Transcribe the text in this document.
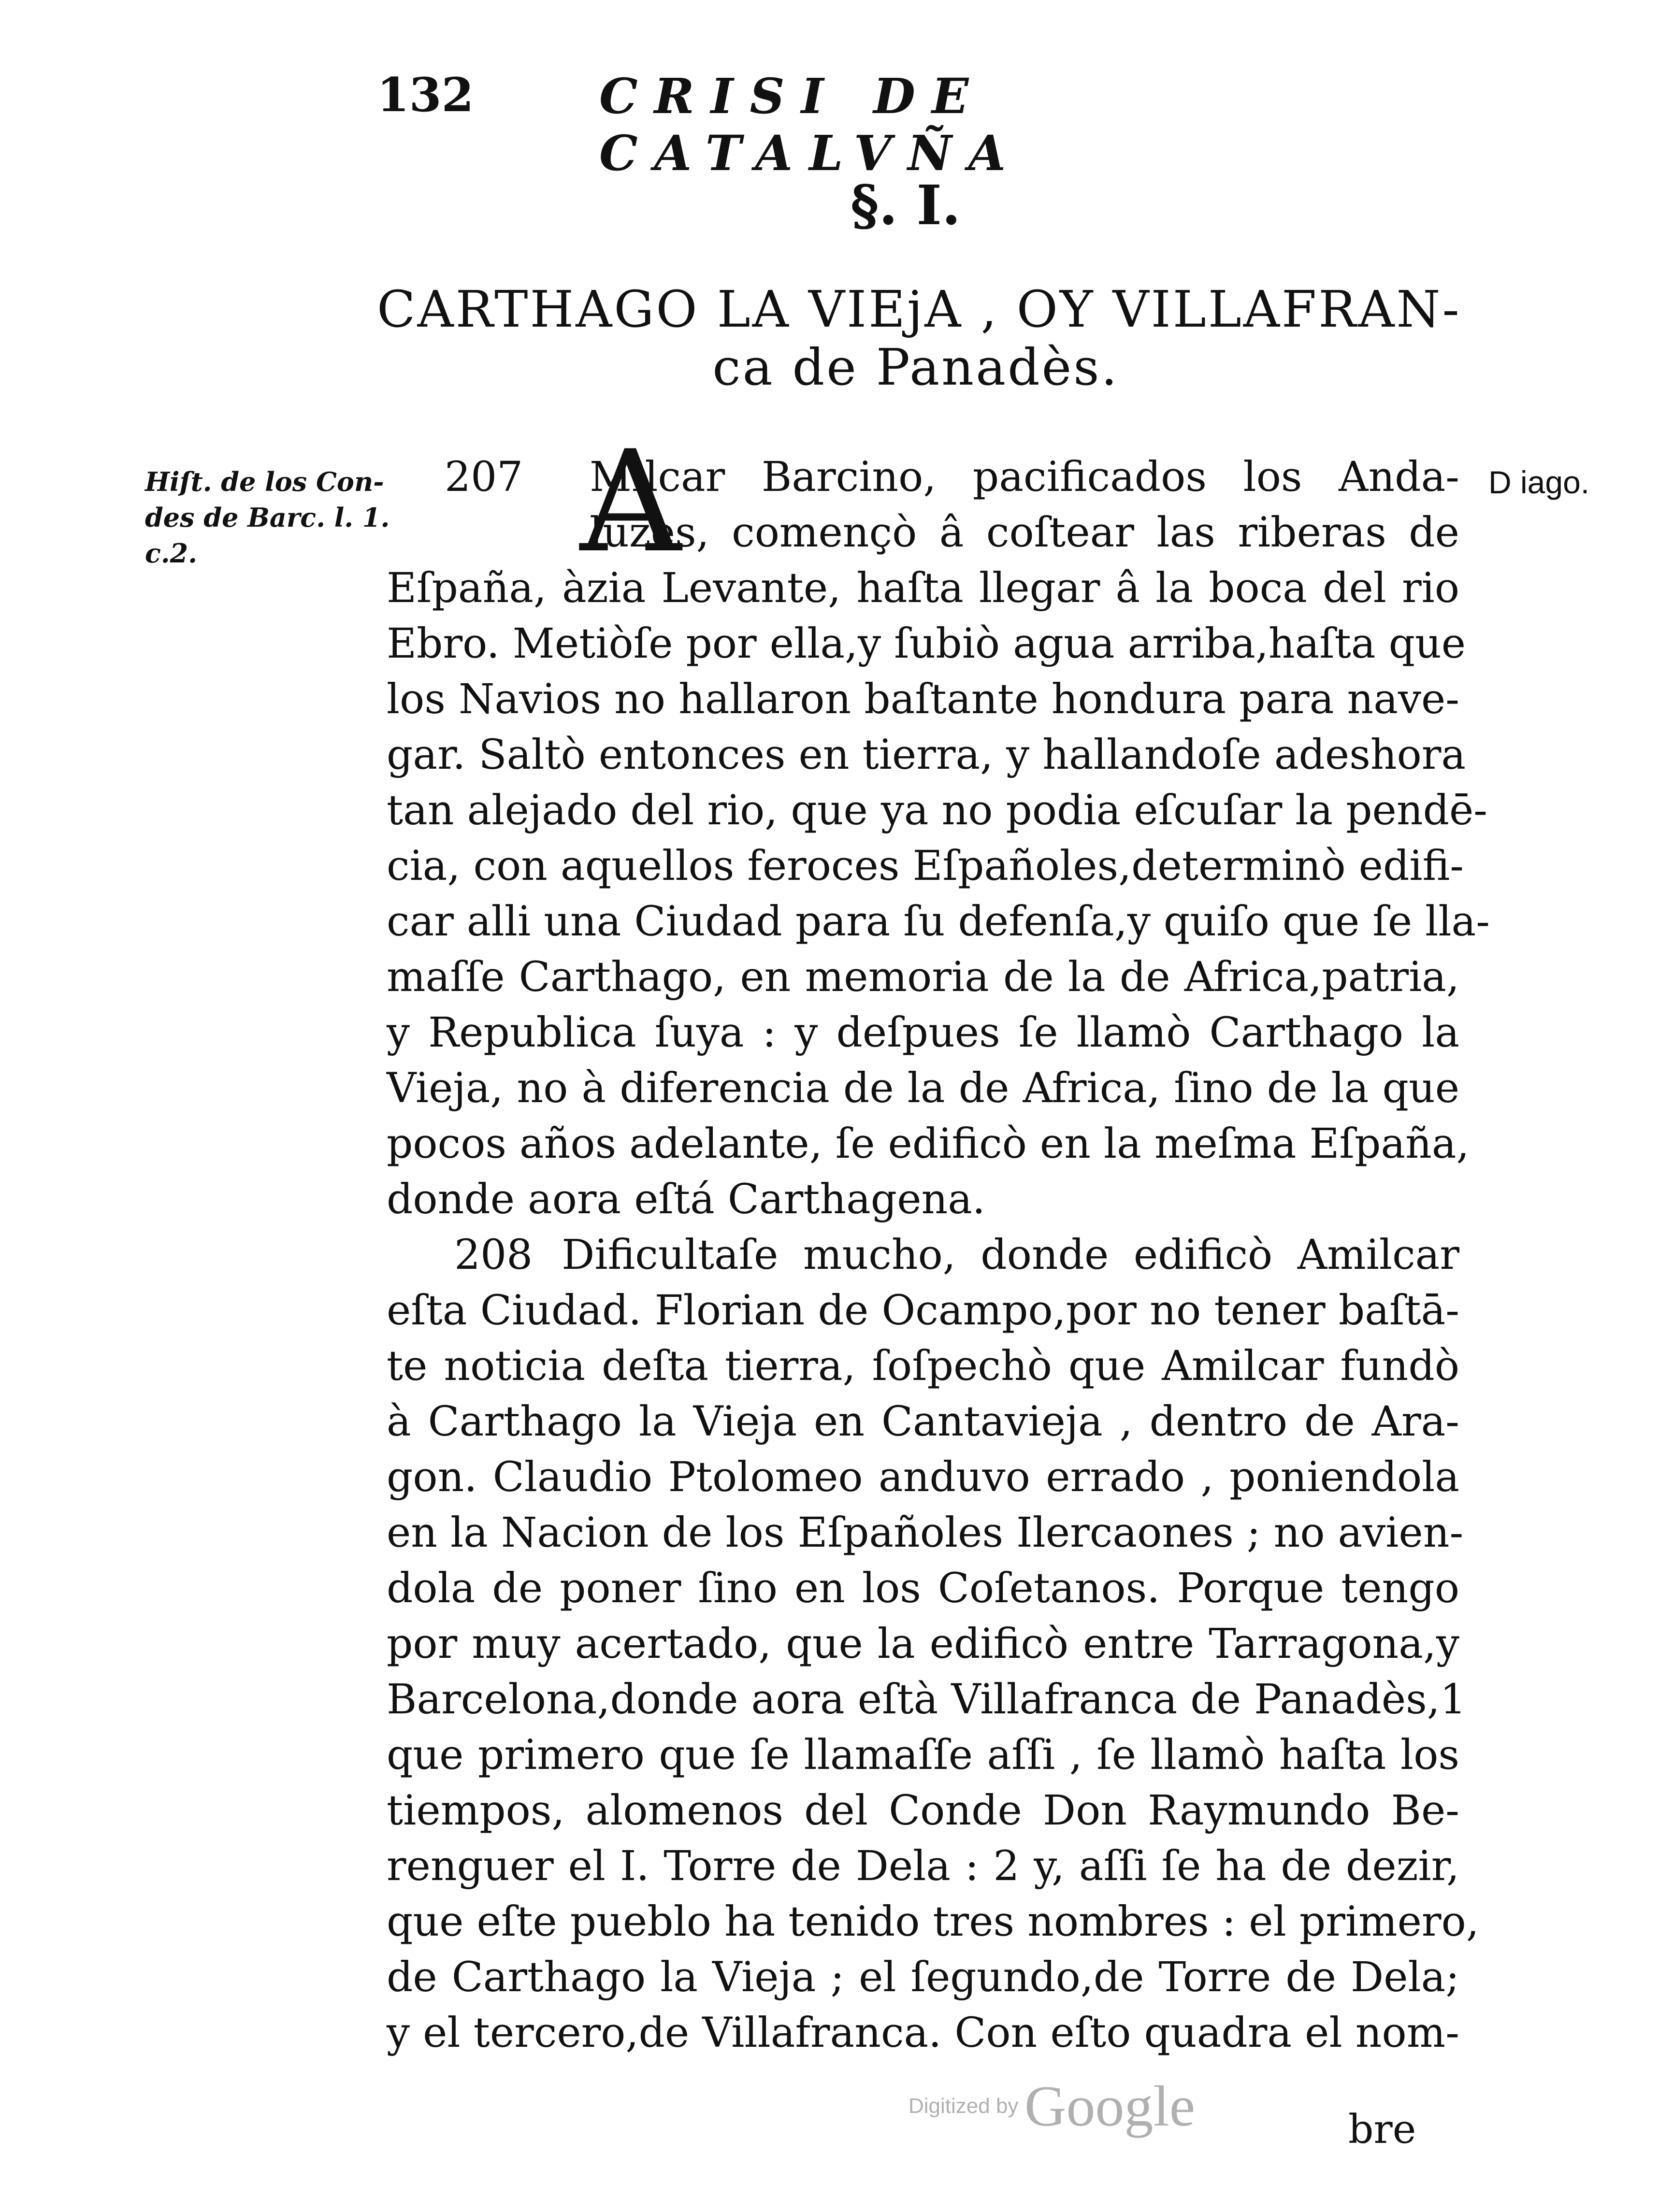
132	CRISI DE CATALVÑA
§. I.
CARTHAGO LA VIEjA , OY VILLAFRAN-
ca de Panadès.
Hiſt. de los Con-
des de Barc. l. 1.
c.2.
D iago.
A
207 Milcar Barcino, pacificados los Anda-
luzes, començò â coſtear las riberas de
Eſpaña, àzia Levante, haſta llegar â la boca del rio
Ebro. Metiòſe por ella,y ſubiò agua arriba,haſta que
los Navios no hallaron baſtante hondura para nave-
gar. Saltò entonces en tierra, y hallandoſe adeshora
tan alejado del rio, que ya no podia eſcuſar la pendē-
cia, con aquellos feroces Eſpañoles,determinò edifi-
car alli una Ciudad para ſu defenſa,y quiſo que ſe lla-
maſſe Carthago, en memoria de la de Africa,patria,
y Republica ſuya : y deſpues ſe llamò Carthago la
Vieja, no à diferencia de la de Africa, ſino de la que
pocos años adelante, ſe edificò en la meſma Eſpaña,
donde aora eſtá Carthagena.
208 Dificultaſe mucho, donde edificò Amilcar
eſta Ciudad. Florian de Ocampo,por no tener baſtā-
te noticia deſta tierra, ſoſpechò que Amilcar fundò
à Carthago la Vieja en Cantavieja , dentro de Ara-
gon. Claudio Ptolomeo anduvo errado , poniendola
en la Nacion de los Eſpañoles Ilercaones ; no avien-
dola de poner ſino en los Coſetanos. Porque tengo
por muy acertado, que la edificò entre Tarragona,y
Barcelona,donde aora eſtà Villafranca de Panadès,1
que primero que ſe llamaſſe aſſi , ſe llamò haſta los
tiempos, alomenos del Conde Don Raymundo Be-
renguer el I. Torre de Dela : 2 y, aſſi ſe ha de dezir,
que eſte pueblo ha tenido tres nombres : el primero,
de Carthago la Vieja ; el ſegundo,de Torre de Dela;
y el tercero,de Villafranca. Con eſto quadra el nom-
bre
Digitized by Google
